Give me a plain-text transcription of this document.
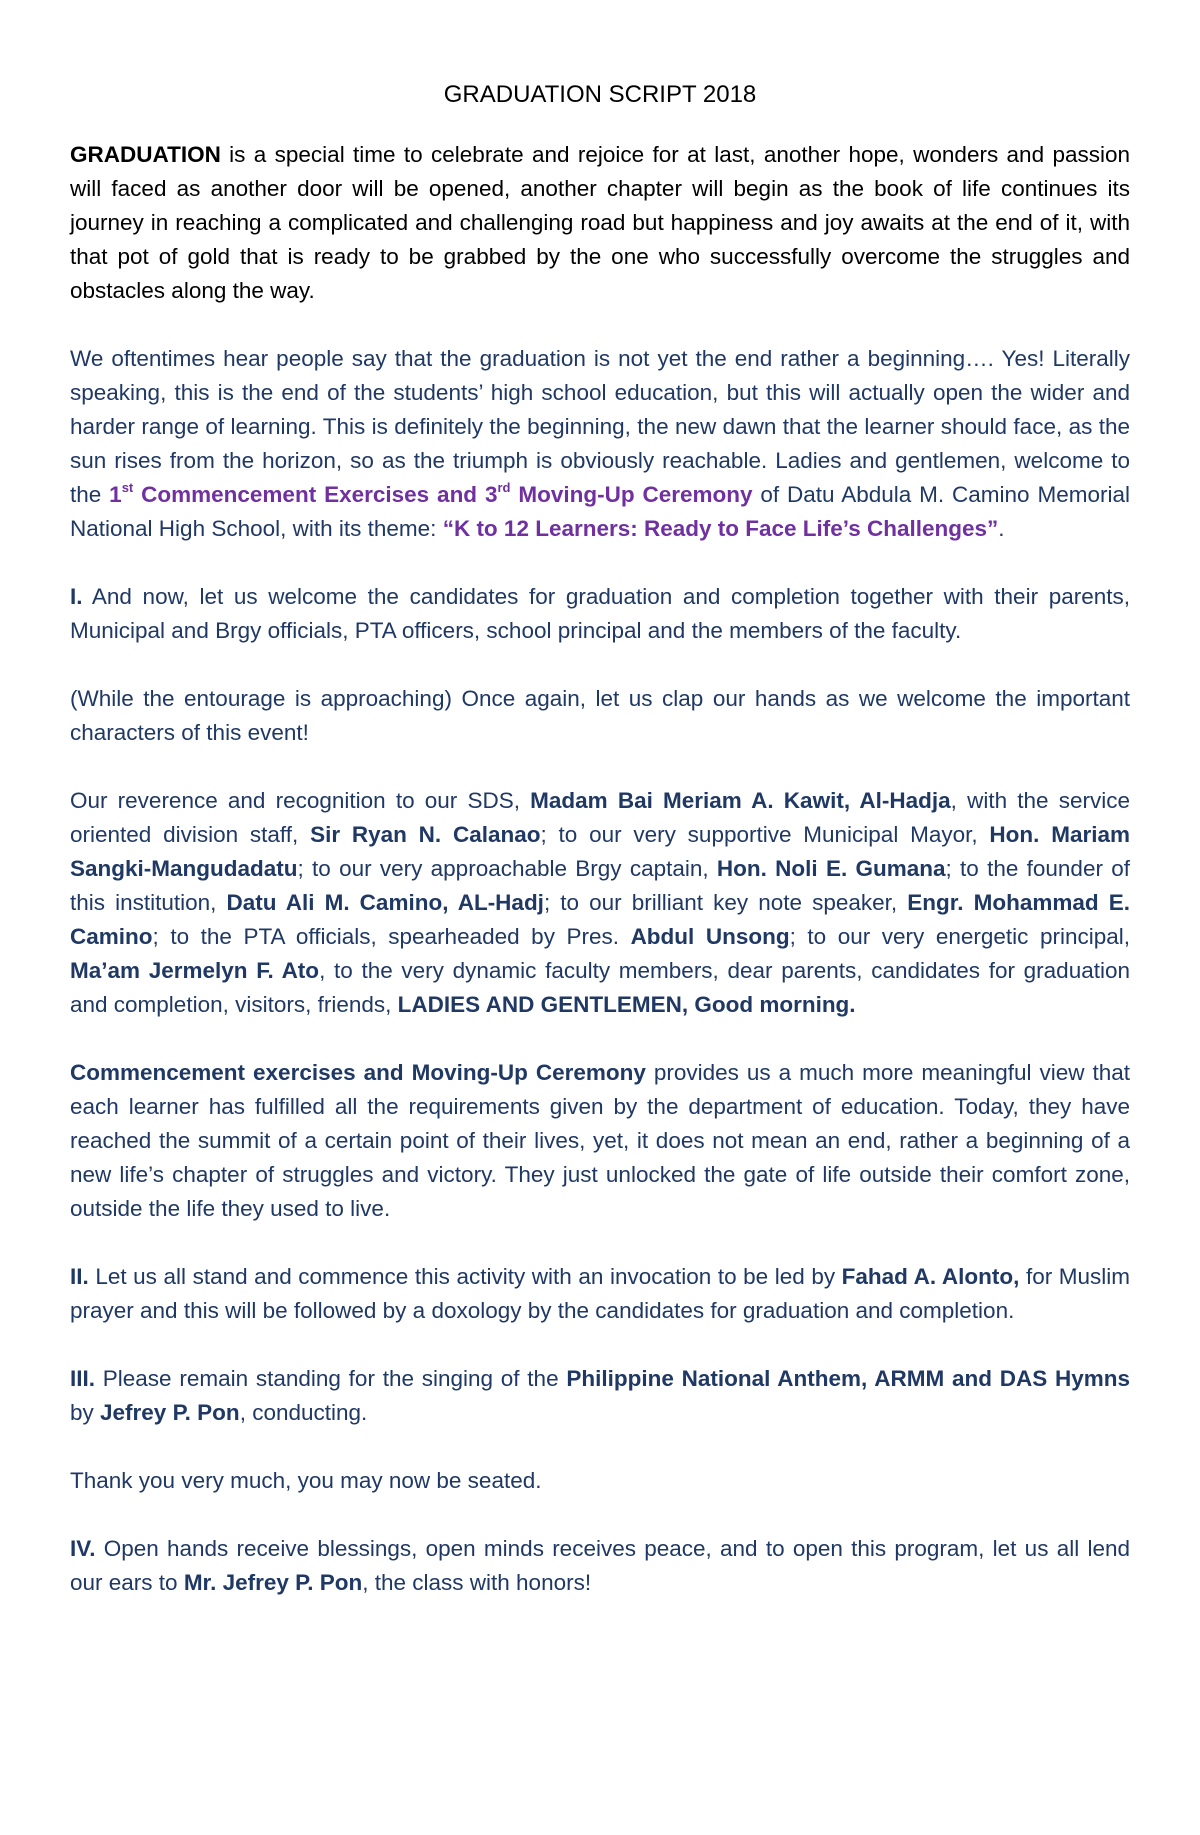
GRADUATION SCRIPT 2018

GRADUATION is a special time to celebrate and rejoice for at last, another hope, wonders and passion will faced as another door will be opened, another chapter will begin as the book of life continues its journey in reaching a complicated and challenging road but happiness and joy awaits at the end of it, with that pot of gold that is ready to be grabbed by the one who successfully overcome the struggles and obstacles along the way.

We oftentimes hear people say that the graduation is not yet the end rather a beginning…. Yes! Literally speaking, this is the end of the students’ high school education, but this will actually open the wider and harder range of learning. This is definitely the beginning, the new dawn that the learner should face, as the sun rises from the horizon, so as the triumph is obviously reachable. Ladies and gentlemen, welcome to the 1st Commencement Exercises and 3rd Moving-Up Ceremony of Datu Abdula M. Camino Memorial National High School, with its theme: “K to 12 Learners: Ready to Face Life’s Challenges”.

I. And now, let us welcome the candidates for graduation and completion together with their parents, Municipal and Brgy officials, PTA officers, school principal and the members of the faculty.

(While the entourage is approaching) Once again, let us clap our hands as we welcome the important characters of this event!

Our reverence and recognition to our SDS, Madam Bai Meriam A. Kawit, Al-Hadja, with the service oriented division staff, Sir Ryan N. Calanao; to our very supportive Municipal Mayor, Hon. Mariam Sangki-Mangudadatu; to our very approachable Brgy captain, Hon. Noli E. Gumana; to the founder of this institution, Datu Ali M. Camino, AL-Hadj; to our brilliant key note speaker, Engr. Mohammad E. Camino; to the PTA officials, spearheaded by Pres. Abdul Unsong; to our very energetic principal, Ma’am Jermelyn F. Ato, to the very dynamic faculty members, dear parents, candidates for graduation and completion, visitors, friends, LADIES AND GENTLEMEN, Good morning.

Commencement exercises and Moving-Up Ceremony provides us a much more meaningful view that each learner has fulfilled all the requirements given by the department of education. Today, they have reached the summit of a certain point of their lives, yet, it does not mean an end, rather a beginning of a new life’s chapter of struggles and victory. They just unlocked the gate of life outside their comfort zone, outside the life they used to live.

II. Let us all stand and commence this activity with an invocation to be led by Fahad A. Alonto, for Muslim prayer and this will be followed by a doxology by the candidates for graduation and completion.

III. Please remain standing for the singing of the Philippine National Anthem, ARMM and DAS Hymns by Jefrey P. Pon, conducting.

Thank you very much, you may now be seated.

IV. Open hands receive blessings, open minds receives peace, and to open this program, let us all lend our ears to Mr. Jefrey P. Pon, the class with honors!
